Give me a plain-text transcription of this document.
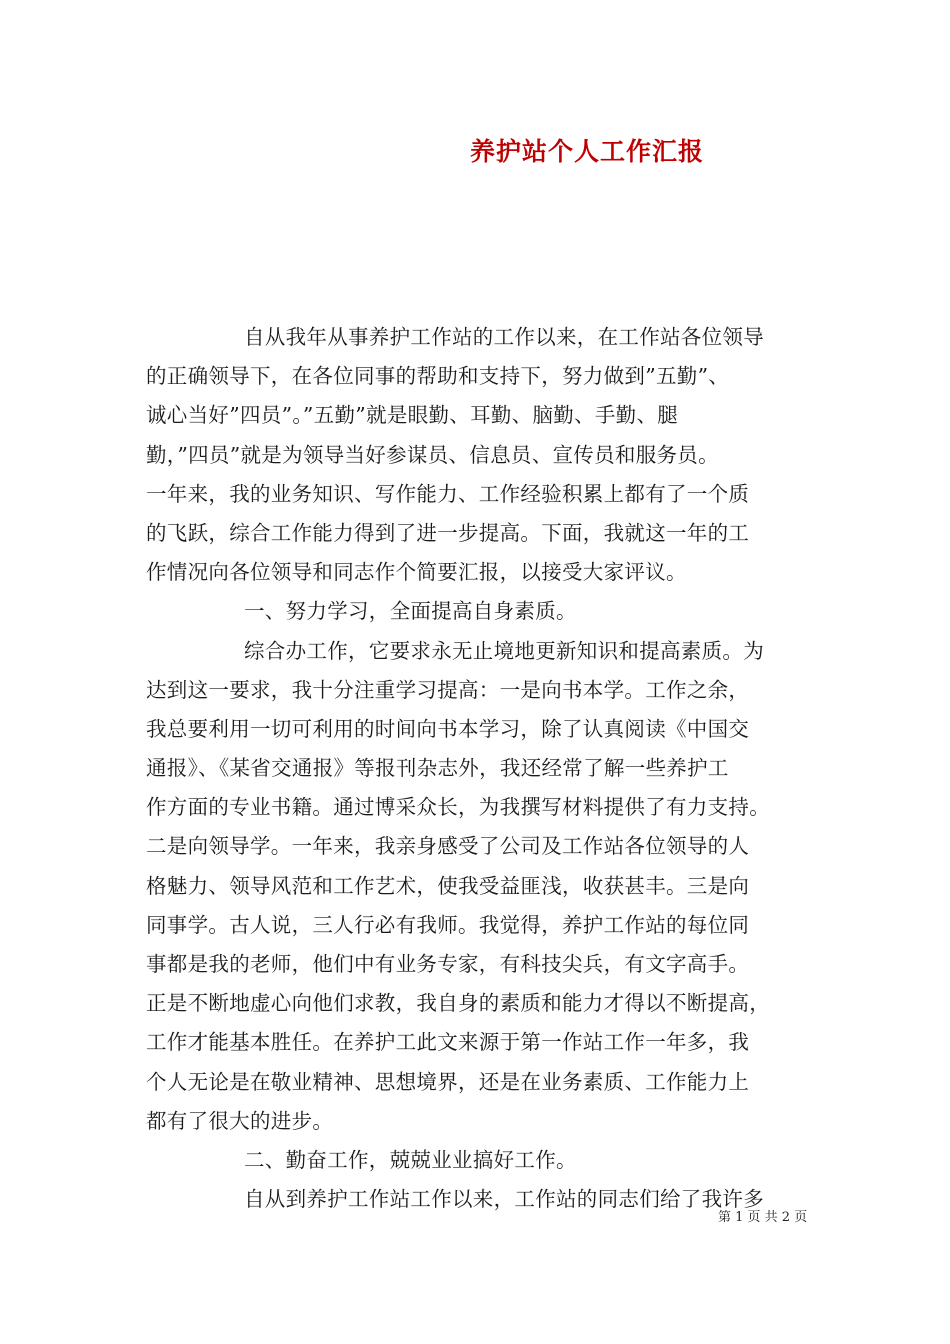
养护站个人工作汇报
自从我年从事养护工作站的工作以来，在工作站各位领导
的正确领导下，在各位同事的帮助和支持下，努力做到”五勤”、
诚心当好”四员”。”五勤”就是眼勤、耳勤、脑勤、手勤、腿
勤，”四员”就是为领导当好参谋员、信息员、宣传员和服务员。
一年来，我的业务知识、写作能力、工作经验积累上都有了一个质
的飞跃，综合工作能力得到了进一步提高。下面，我就这一年的工
作情况向各位领导和同志作个简要汇报，以接受大家评议。
一、努力学习，全面提高自身素质。
综合办工作，它要求永无止境地更新知识和提高素质。为
达到这一要求，我十分注重学习提高：一是向书本学。工作之余，
我总要利用一切可利用的时间向书本学习，除了认真阅读《中国交
通报》、《某省交通报》等报刊杂志外，我还经常了解一些养护工
作方面的专业书籍。通过博采众长，为我撰写材料提供了有力支持。
二是向领导学。一年来，我亲身感受了公司及工作站各位领导的人
格魅力、领导风范和工作艺术，使我受益匪浅，收获甚丰。三是向
同事学。古人说，三人行必有我师。我觉得，养护工作站的每位同
事都是我的老师，他们中有业务专家，有科技尖兵，有文字高手。
正是不断地虚心向他们求教，我自身的素质和能力才得以不断提高，
工作才能基本胜任。在养护工此文来源于第一作站工作一年多，我
个人无论是在敬业精神、思想境界，还是在业务素质、工作能力上
都有了很大的进步。
二、勤奋工作，兢兢业业搞好工作。
自从到养护工作站工作以来，工作站的同志们给了我许多
第 1 页 共 2 页
